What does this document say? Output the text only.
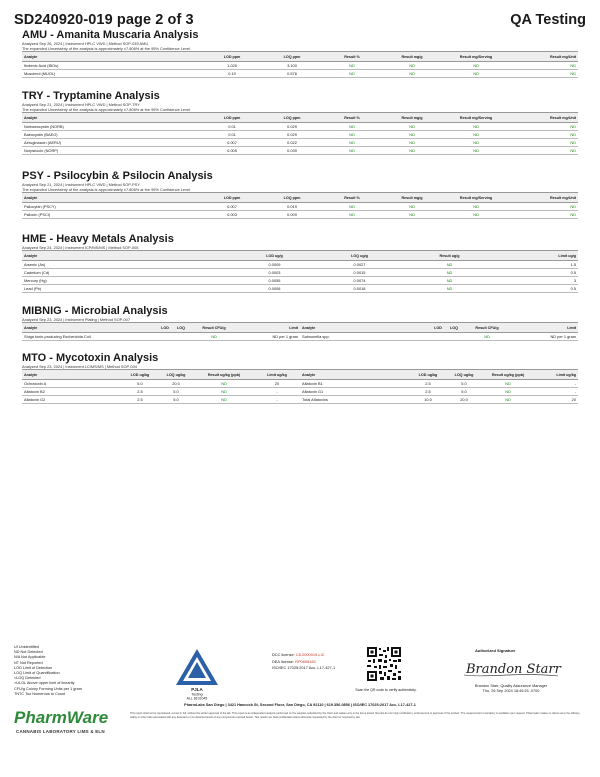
SD240920-019 page 2 of 3	QA Testing
AMU - Amanita Muscaria Analysis
Analyzed Sep 26, 2024 | Instrument HPLC VWD | Method SOP-039 AMU
The expanded Uncertainty of the analysis is approximately ±7.806% at the 95% Confidence Level
Analyte	LOD ppm	LOQ ppm	Result %	Result mg/g	Result mg/Serving	Result mg/Unit
Ibotenic Acid (IBOs)	1.025	3.100	ND	ND	ND	ND
Muscimol (MUOL)	0.19	0.576	ND	ND	ND	ND
TRY - Tryptamine Analysis
Analyzed Sep 21, 2024 | Instrument HPLC VWD | Method SOP-TRY
The expanded Uncertainty of the analysis is approximately ±7.806% at the 95% Confidence Level
Analyte	LOD ppm	LOQ ppm	Result %	Result mg/g	Result mg/Serving	Result mg/Unit
Norbaeocystin (NORB)	0.01	0.029	ND	ND	ND	ND
Baeocystin (BAEO)	0.01	0.029	ND	ND	ND	ND
Aeruginascin (AERU)	0.007	0.022	ND	ND	ND	ND
Norpsilocin (NORP)	0.005	0.039	ND	ND	ND	ND
PSY - Psilocybin & Psilocin Analysis
Analyzed Sep 21, 2024 | Instrument HPLC VWD | Method SOP-PSY
The expanded Uncertainty of the analysis is approximately ±7.806% at the 95% Confidence Level
Analyte	LOD ppm	LOQ ppm	Result %	Result mg/g	Result mg/Serving	Result mg/Unit
Psilocybin (PSCY)	0.007	0.019	ND	ND	ND	ND
Psilocin (PSCI)	0.003	0.009	ND	ND	ND	ND
HME - Heavy Metals Analysis
Analyzed Sep 24, 2024 | Instrument ICP/MS/MS | Method SOP-005
Analyte	LOD ug/g	LOQ ug/g	Result ug/g	Limit ug/g
Arsenic (As)	0.0009	0.0027	ND	1.5
Cadmium (Cd)	0.0003	0.0015	ND	0.5
Mercury (Hg)	0.0055	0.0074	ND	3
Lead (Pb)	0.0006	0.0018	ND	0.5
MIBNIG - Microbial Analysis
Analyzed Sep 23, 2024 | Instrument Plating | Method SOP-007
Analyte	LOD	LOQ	Result CFU/g	Limit	Analyte	LOD	LOQ	Result CFU/g	Limit
Shiga toxin-producing Escherichia Coli			ND	ND per 1 gram	Salmonella spp.			ND	ND per 1 gram
MTO - Mycotoxin Analysis
Analyzed Sep 23, 2024 | Instrument LC/MS/MS | Method SOP-004
Analyte	LOD ug/kg	LOQ ug/kg	Result ug/kg (ppb)	Limit ug/kg	Analyte	LOD ug/kg	LOQ ug/kg	Result ug/kg (ppb)	Limit ug/kg
Ochratoxin A	5.0	20.0	ND	20	Aflatoxin B1	2.5	5.0	ND	-
Aflatoxin B2	2.5	5.0	ND	-	Aflatoxin G1	2.5	5.0	ND	-
Aflatoxin G2	2.5	5.0	ND	-	Total Aflatoxins	10.0	20.0	ND	20
UI Unidentified
ND Not Detected
N/A Not Applicable
NT Not Reported
LOD Limit of Detection
LOQ Limit of Quantification
<LOQ Detected
>ULOL Above upper limit of linearity
CFU/g Colony Forming Units per 1 gram
TNTC Too Numerous to Count
PharmWare
CANNABIS LABORATORY LIMS & ELN
PJLA
Testing
ALL 8101045
DCC license: C8-0000019-LIC
DEA license: RP0608183
ISO/IEC 17025:2017 Acc. L17-427-1
Scan the QR code to verify authenticity.
Authorized Signature
Brandon Starr
Brandon Starr, Quality Assurance Manager
Thu, 26 Sep 2024 18:49:25 -0700
PharmLabs San Diego | 3421 Hancock St, Second Floor, San Diego, CA 92110 | 619.356.0856 | ISO/IEC 17025:2017 Acc. L17-427-1
This report shall not be reproduced, except in full, without the written approval of the lab. This report is an independent analysis performed on the samples submitted by the client and relates only to the items tested. Results do not imply certification, endorsement or approval of the product. The measurement uncertainty is available upon request. PharmLabs makes no claims as to the efficacy, safety or other risks associated with any detected or non-detected levels of any compounds reported herein. Test results are held confidential unless otherwise requested by the client or required by law.
